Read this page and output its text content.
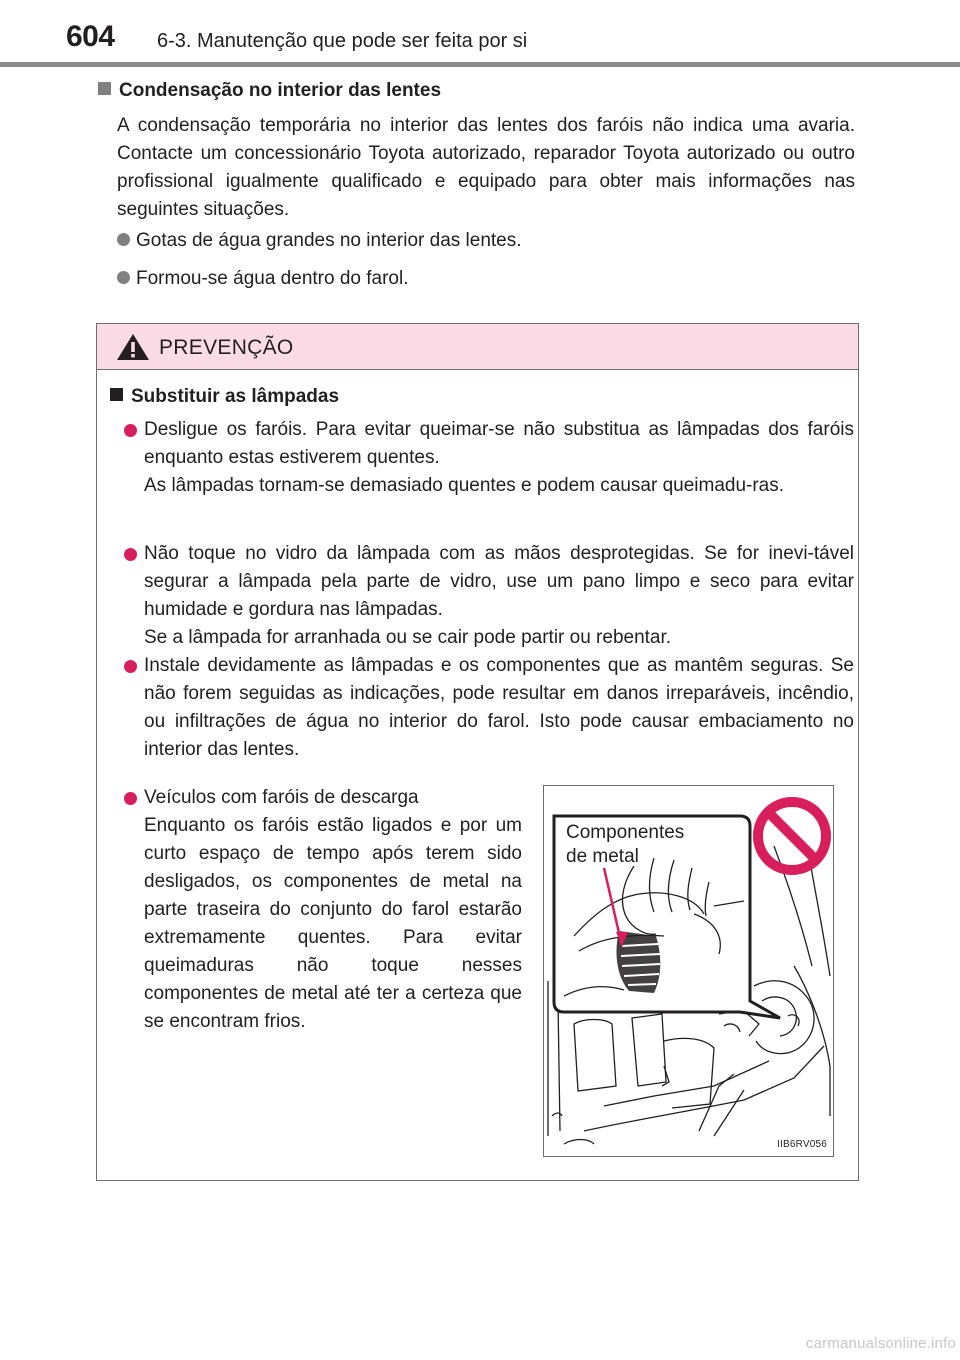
604 6-3. Manutenção que pode ser feita por si
Condensação no interior das lentes

A condensação temporária no interior das lentes dos faróis não indica uma avaria. Contacte um concessionário Toyota autorizado, reparador Toyota autorizado ou outro profissional igualmente qualificado e equipado para obter mais informações nas seguintes situações.

Gotas de água grandes no interior das lentes.
Formou-se água dentro do farol.
PREVENÇÃO
Substituir as lâmpadas

Desligue os faróis. Para evitar queimar-se não substitua as lâmpadas dos faróis enquanto estas estiverem quentes.

As lâmpadas tornam-se demasiado quentes e podem causar queimadu-ras.

Não toque no vidro da lâmpada com as mãos desprotegidas. Se for inevi-tável segurar a lâmpada pela parte de vidro, use um pano limpo e seco para evitar humidade e gordura nas lâmpadas.

Se a lâmpada for arranhada ou se cair pode partir ou rebentar.

Instale devidamente as lâmpadas e os componentes que as mantêm seguras. Se não forem seguidas as indicações, pode resultar em danos irreparáveis, incêndio, ou infiltrações de água no interior do farol. Isto pode causar embaciamento no interior das lentes.

Veículos com faróis de descarga

Enquanto os faróis estão ligados e por um curto espaço de tempo após terem sido desligados, os componentes de metal na parte traseira do conjunto do farol estarão extremamente quentes. Para evitar queimaduras não toque nesses componentes de metal até ter a certeza que se encontram frios.

Componentes
de metal
IIB6RV056
carmanualsonline.info
